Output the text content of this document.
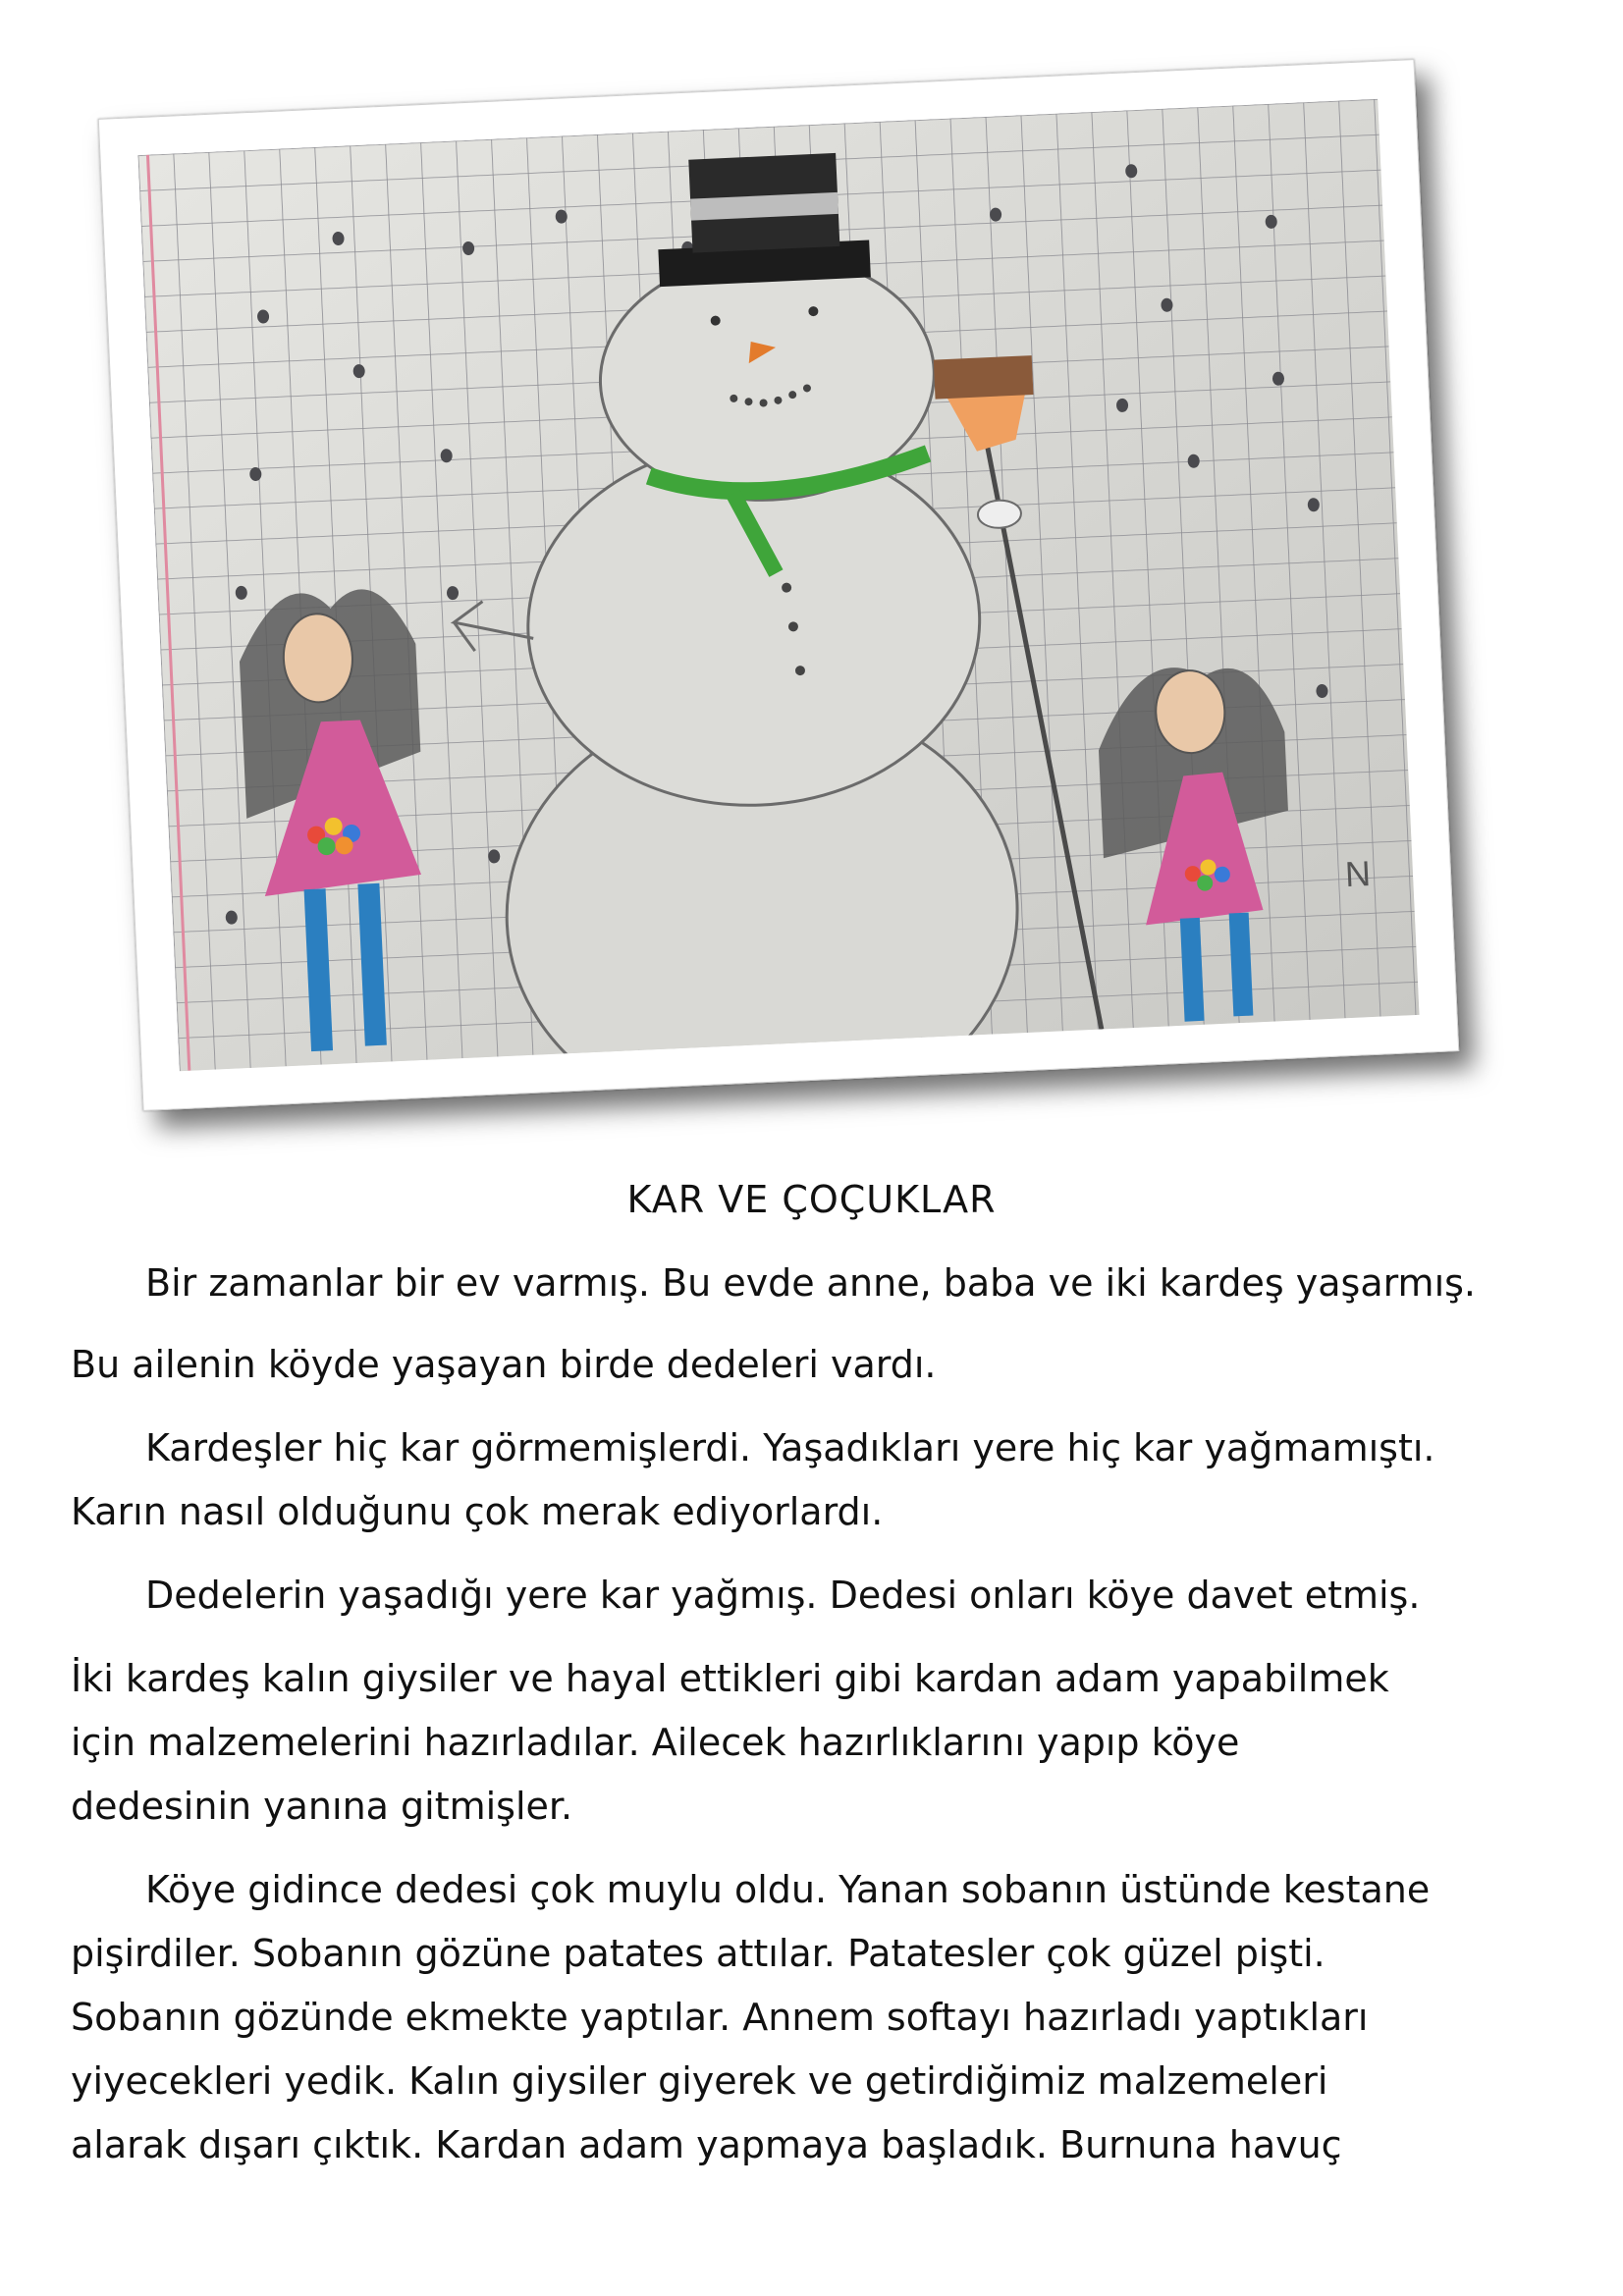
N
KAR VE ÇOÇUKLAR
Bir zamanlar bir ev varmış. Bu evde anne, baba ve iki kardeş yaşarmış.
Bu ailenin köyde yaşayan birde dedeleri vardı.
Kardeşler hiç kar görmemişlerdi. Yaşadıkları yere hiç kar yağmamıştı.
Karın nasıl olduğunu çok merak ediyorlardı.
Dedelerin yaşadığı yere kar yağmış. Dedesi onları köye davet etmiş.
İki kardeş kalın giysiler ve hayal ettikleri gibi kardan adam yapabilmek
için malzemelerini hazırladılar. Ailecek hazırlıklarını yapıp köye
dedesinin yanına gitmişler.
Köye gidince dedesi çok muylu oldu. Yanan sobanın üstünde kestane
pişirdiler. Sobanın gözüne patates attılar. Patatesler çok güzel pişti.
Sobanın gözünde ekmekte yaptılar. Annem softayı hazırladı yaptıkları
yiyecekleri yedik. Kalın giysiler giyerek ve getirdiğimiz malzemeleri
alarak dışarı çıktık. Kardan adam yapmaya başladık. Burnuna havuç
